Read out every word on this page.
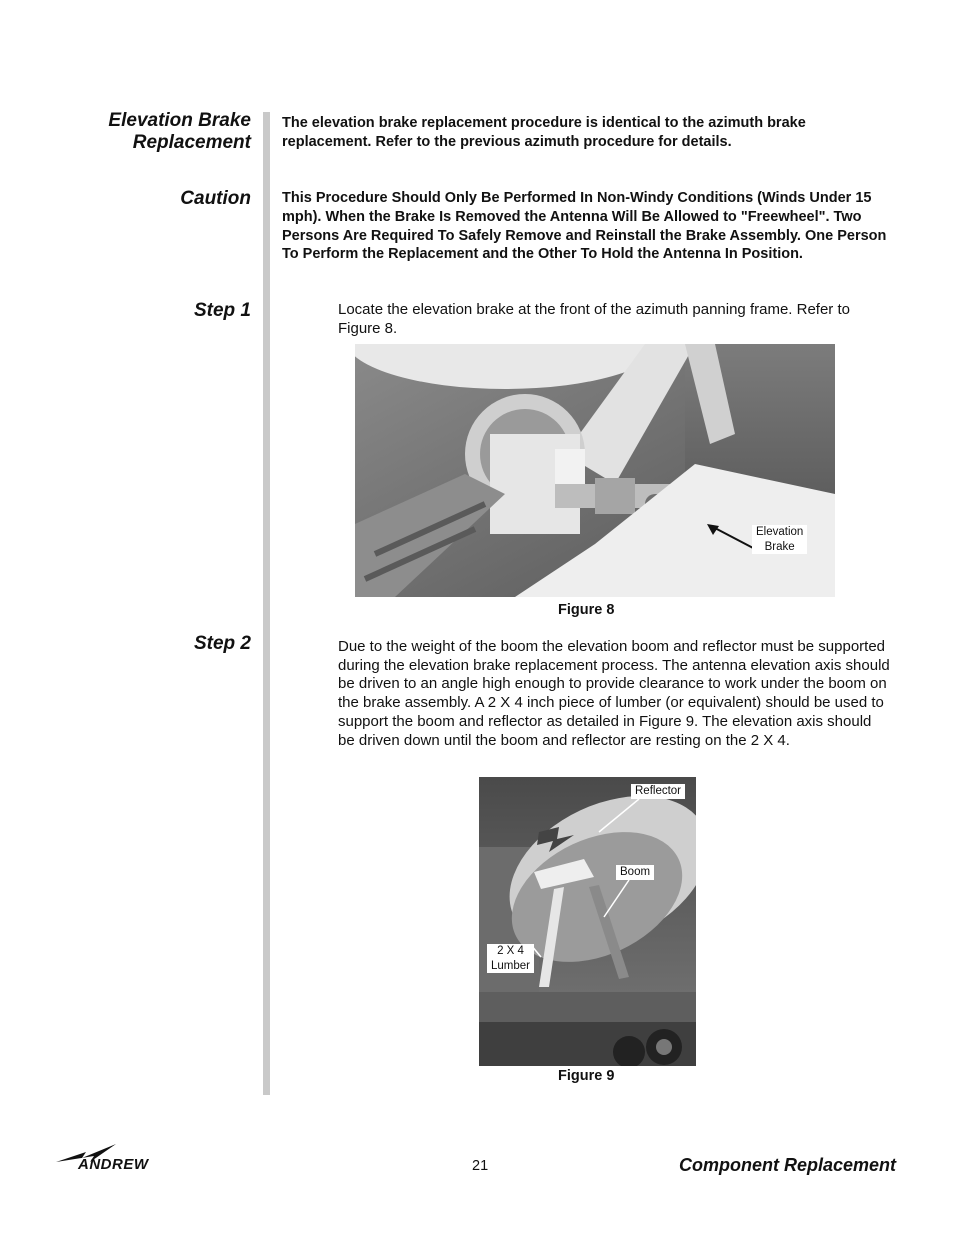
Elevation Brake
Replacement
Caution
Step 1
Step 2
The elevation brake replacement procedure is identical to the azimuth brake replacement. Refer to the previous azimuth procedure for details.
This Procedure Should Only Be Performed In Non-Windy Conditions (Winds Under 15 mph). When the Brake Is Removed the Antenna Will Be Allowed to "Freewheel". Two Persons Are Required To Safely Remove and Reinstall the Brake Assembly. One Person To Perform the Replacement and the Other To Hold the Antenna In Position.
Locate the elevation brake at the front of the azimuth panning frame. Refer to Figure 8.
Elevation
Brake
Figure 8
Due to the weight of the boom the elevation boom and reflector must be supported during the elevation brake replacement process. The antenna elevation axis should be driven to an angle high enough to provide clearance to work under the boom on the brake assembly. A 2 X 4 inch piece of lumber (or equivalent) should be used to support the boom and reflector as detailed in Figure 9. The elevation axis should be driven down until the boom and reflector are resting on the 2 X 4.
Reflector
Boom
2 X 4
Lumber
Figure 9
ANDREW	21	Component Replacement
